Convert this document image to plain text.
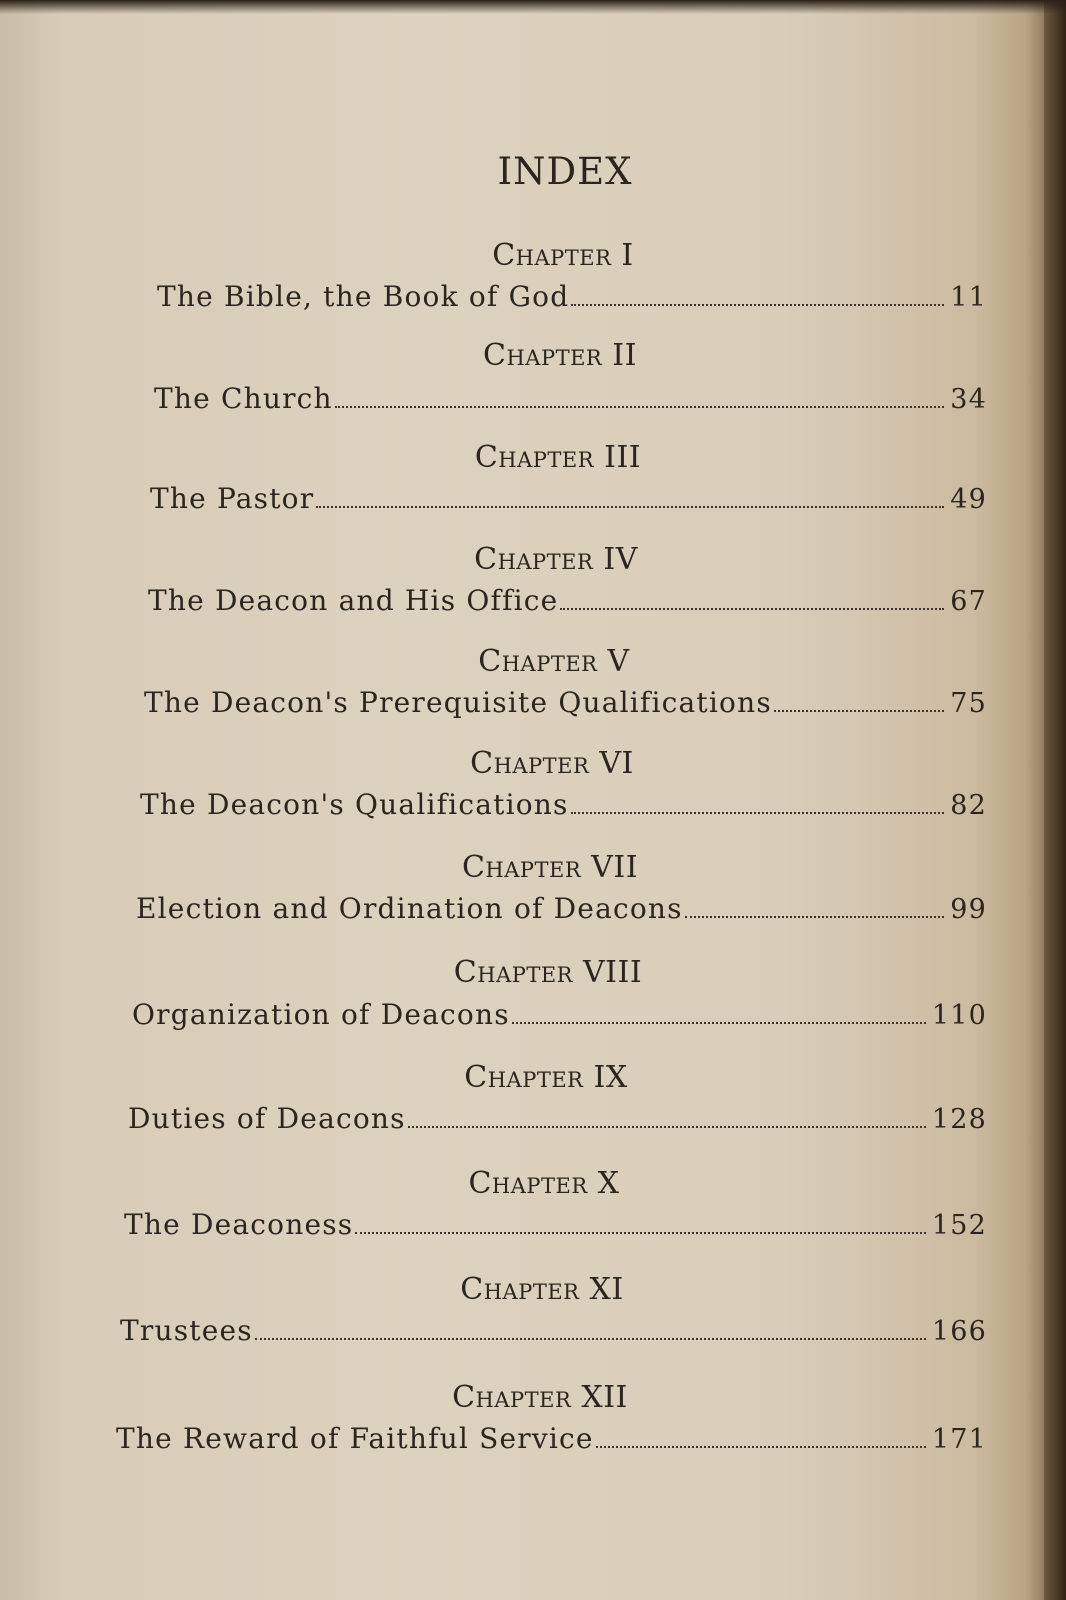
INDEX
Chapter I
The Bible, the Book of God	11
Chapter II
The Church	34
Chapter III
The Pastor	49
Chapter IV
The Deacon and His Office	67
Chapter V
The Deacon's Prerequisite Qualifications	75
Chapter VI
The Deacon's Qualifications	82
Chapter VII
Election and Ordination of Deacons	99
Chapter VIII
Organization of Deacons	110
Chapter IX
Duties of Deacons	128
Chapter X
The Deaconess	152
Chapter XI
Trustees	166
Chapter XII
The Reward of Faithful Service	171
